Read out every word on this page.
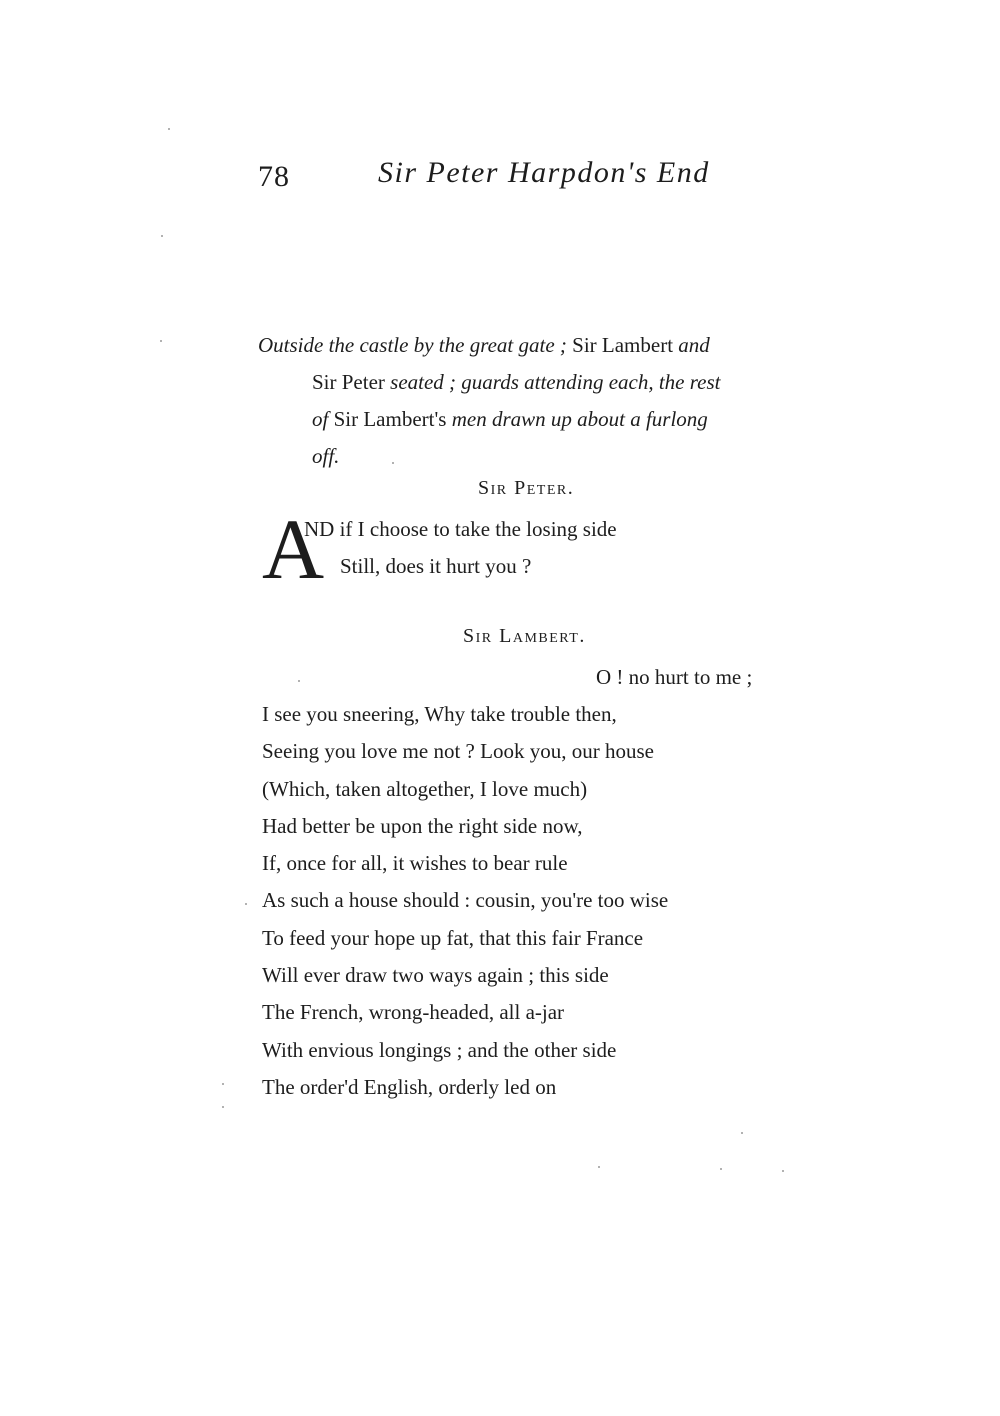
78	Sir Peter Harpdon's End
Outside the castle by the great gate ; Sir Lambert and
Sir Peter seated ; guards attending each, the rest
of Sir Lambert's men drawn up about a furlong
off.
Sir Peter.
A
ND if I choose to take the losing side
Still, does it hurt you ?
Sir Lambert.
O ! no hurt to me ;
I see you sneering, Why take trouble then,
Seeing you love me not ? Look you, our house
(Which, taken altogether, I love much)
Had better be upon the right side now,
If, once for all, it wishes to bear rule
As such a house should : cousin, you're too wise
To feed your hope up fat, that this fair France
Will ever draw two ways again ; this side
The French, wrong-headed, all a-jar
With envious longings ; and the other side
The order'd English, orderly led on
